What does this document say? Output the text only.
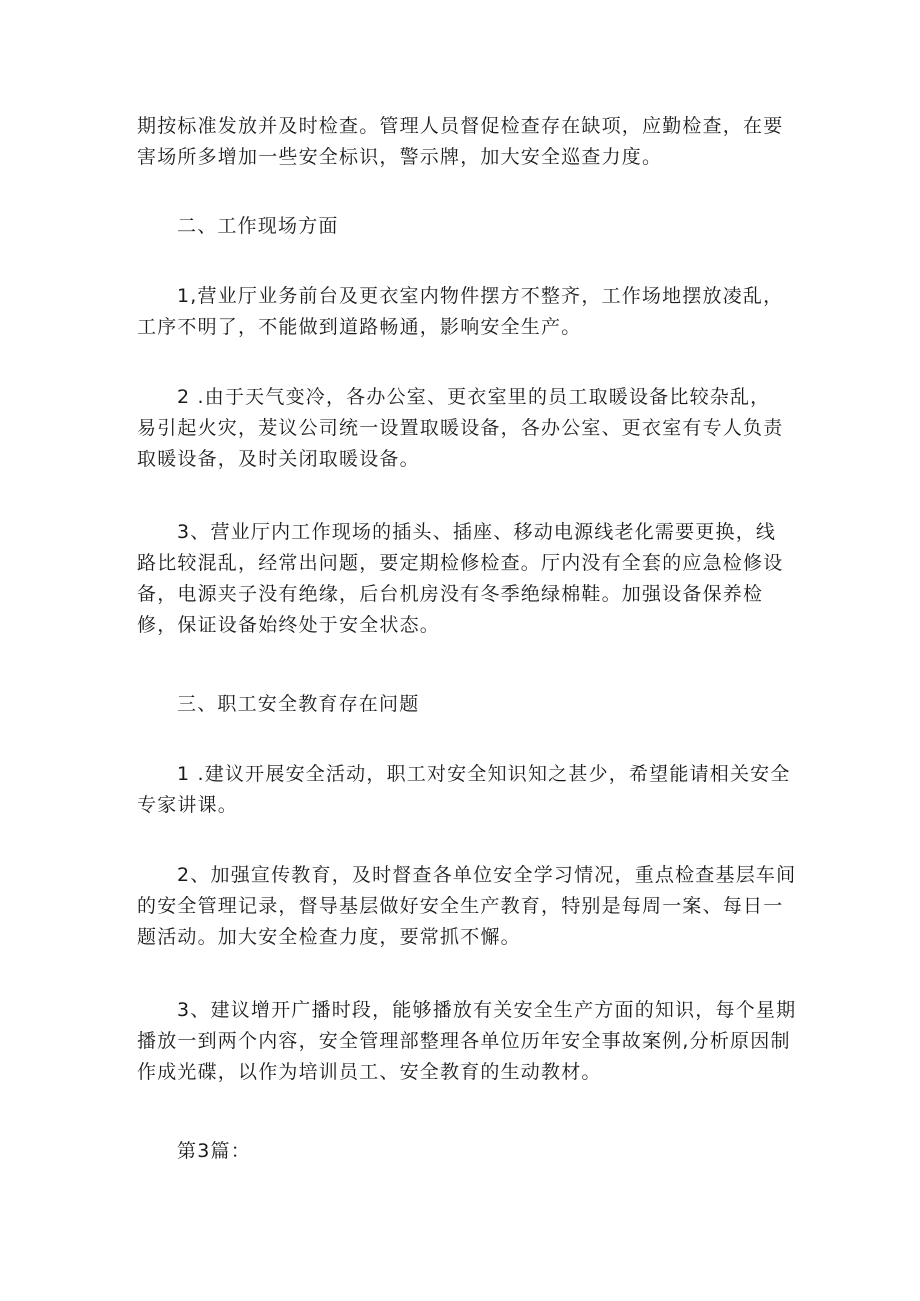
期按标准发放并及时检查。管理人员督促检查存在缺项，应勤检查，在要
害场所多增加一些安全标识，警示牌，加大安全巡查力度。

二、工作现场方面

1,营业厅业务前台及更衣室内物件摆方不整齐，工作场地摆放凌乱，
工序不明了，不能做到道路畅通，影响安全生产。

2 .由于天气变冷，各办公室、更衣室里的员工取暖设备比较杂乱，
易引起火灾，茇议公司统一设置取暖设备，各办公室、更衣室有专人负责
取暖设备，及时关闭取暖设备。

3、营业厅内工作现场的插头、插座、移动电源线老化需要更换，线
路比较混乱，经常出问题，要定期检修检查。厅内没有全套的应急检修设
备，电源夹子没有绝缘，后台机房没有冬季绝绿棉鞋。加强设备保养检
修，保证设备始终处于安全状态。

三、职工安全教育存在问题

1 .建议开展安全活动，职工对安全知识知之甚少，希望能请相关安全
专家讲课。

2、加强宣传教育，及时督查各单位安全学习情况，重点检查基层车间
的安全管理记录，督导基层做好安全生产教育，特别是每周一案、每日一
题活动。加大安全检查力度，要常抓不懈。

3、建议增开广播时段，能够播放有关安全生产方面的知识，每个星期
播放一到两个内容，安全管理部整理各单位历年安全事故案例,分析原因制
作成光碟，以作为培训员工、安全教育的生动教材。

第3篇：
